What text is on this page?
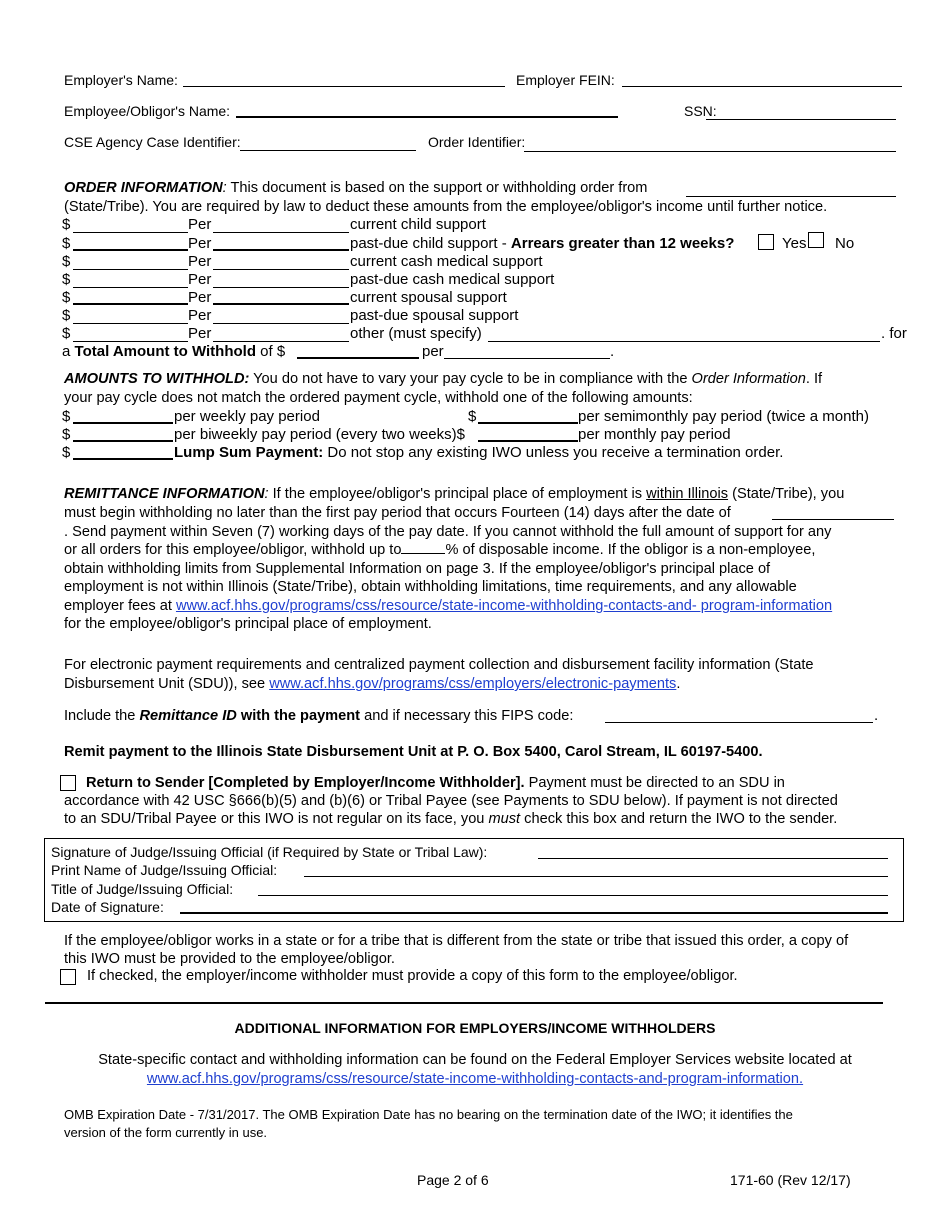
Employer's Name:	Employer FEIN:
Employee/Obligor's Name:	SSN:
CSE Agency Case Identifier:	Order Identifier:
ORDER INFORMATION: This document is based on the support or withholding order from
(State/Tribe). You are required by law to deduct these amounts from the employee/obligor's income until further notice.
$	Per	current child support
$	Per	past-due child support - Arrears greater than 12 weeks?	Yes No
$	Per	current cash medical support
$	Per	past-due cash medical support
$	Per	current spousal support
$	Per	past-due spousal support
$	Per	other (must specify)	. for
a Total Amount to Withhold of $	per	.
AMOUNTS TO WITHHOLD: You do not have to vary your pay cycle to be in compliance with the Order Information. If
your pay cycle does not match the ordered payment cycle, withhold one of the following amounts:
$	per weekly pay period	$	per semimonthly pay period (twice a month)
$	per biweekly pay period (every two weeks)$	per monthly pay period
$	Lump Sum Payment: Do not stop any existing IWO unless you receive a termination order.
REMITTANCE INFORMATION: If the employee/obligor's principal place of employment is within Illinois (State/Tribe), you
must begin withholding no later than the first pay period that occurs Fourteen (14) days after the date of
. Send payment within Seven (7) working days of the pay date. If you cannot withhold the full amount of support for any
or all orders for this employee/obligor, withhold up to	% of disposable income. If the obligor is a non-employee,
obtain withholding limits from Supplemental Information on page 3. If the employee/obligor's principal place of
employment is not within Illinois (State/Tribe), obtain withholding limitations, time requirements, and any allowable
employer fees at www.acf.hhs.gov/programs/css/resource/state-income-withholding-contacts-and- program-information
for the employee/obligor's principal place of employment.
For electronic payment requirements and centralized payment collection and disbursement facility information (State
Disbursement Unit (SDU)), see www.acf.hhs.gov/programs/css/employers/electronic-payments.
Include the Remittance ID with the payment and if necessary this FIPS code:	.
Remit payment to the Illinois State Disbursement Unit at P. O. Box 5400, Carol Stream, IL 60197-5400.
Return to Sender [Completed by Employer/Income Withholder]. Payment must be directed to an SDU in
accordance with 42 USC §666(b)(5) and (b)(6) or Tribal Payee (see Payments to SDU below). If payment is not directed
to an SDU/Tribal Payee or this IWO is not regular on its face, you must check this box and return the IWO to the sender.
Signature of Judge/Issuing Official (if Required by State or Tribal Law):
Print Name of Judge/Issuing Official:
Title of Judge/Issuing Official:
Date of Signature:
If the employee/obligor works in a state or for a tribe that is different from the state or tribe that issued this order, a copy of
this IWO must be provided to the employee/obligor.
If checked, the employer/income withholder must provide a copy of this form to the employee/obligor.
ADDITIONAL INFORMATION FOR EMPLOYERS/INCOME WITHHOLDERS
State-specific contact and withholding information can be found on the Federal Employer Services website located at
www.acf.hhs.gov/programs/css/resource/state-income-withholding-contacts-and-program-information.
OMB Expiration Date - 7/31/2017. The OMB Expiration Date has no bearing on the termination date of the IWO; it identifies the
version of the form currently in use.
Page 2 of 6	171-60 (Rev 12/17)
